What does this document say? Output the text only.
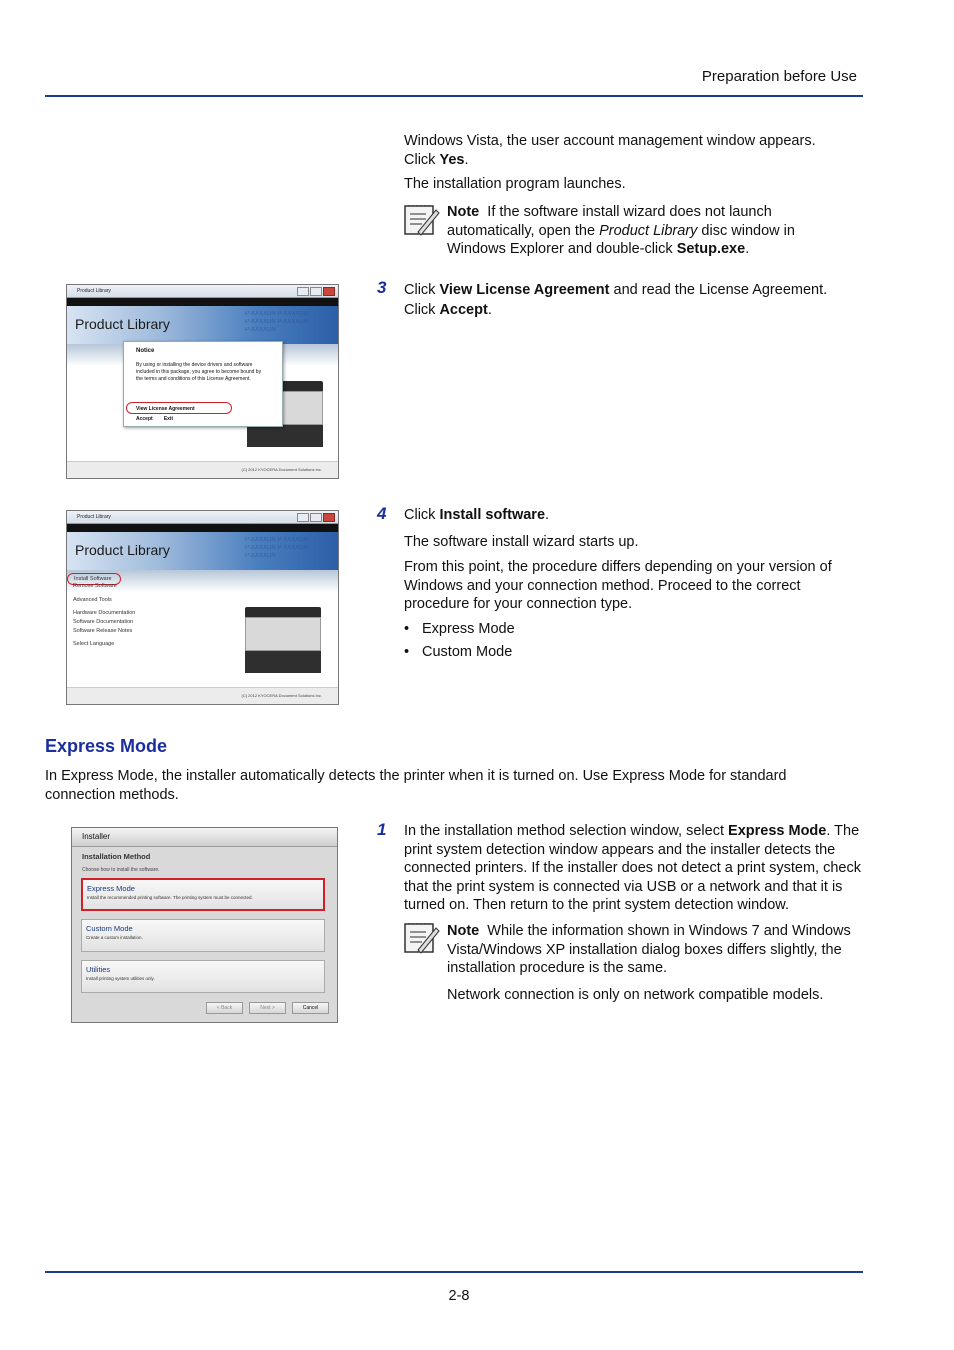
Preparation before Use
Windows Vista, the user account management window appears.
Click Yes.
The installation program launches.
Note If the software install wizard does not launch automatically, open the Product Library disc window in Windows Explorer and double-click Setup.exe.
Product Library
Product Library
P-XXXXDN P-XXXXDN
P-XXXXDN P-XXXXDN
P-XXXXDN
Notice
By using or installing the device drivers and software included in this package, you agree to become bound by the terms and conditions of this License Agreement.
View License Agreement
Accept Exit
(C) 2012 KYOCERA Document Solutions Inc.
3 Click View License Agreement and read the License Agreement.
Click Accept.
Product Library
Product Library
P-XXXXDN P-XXXXDN
P-XXXXDN P-XXXXDN
P-XXXXDN
Install Software
Remove Software
Advanced Tools
Hardware Documentation
Software Documentation
Software Release Notes
Select Language
(C) 2012 KYOCERA Document Solutions Inc.
4 Click Install software.
The software install wizard starts up.
From this point, the procedure differs depending on your version of Windows and your connection method. Proceed to the correct procedure for your connection type.
• Express Mode
• Custom Mode
Express Mode
In Express Mode, the installer automatically detects the printer when it is turned on. Use Express Mode for standard connection methods.
Installer
Installation Method
Choose how to install the software.
Express Mode
Install the recommended printing software. The printing system must be connected.
Custom Mode
Create a custom installation.
Utilities
Install printing system utilities only.
< Back	Next >	Cancel
1 In the installation method selection window, select Express Mode. The print system detection window appears and the installer detects the connected printers. If the installer does not detect a print system, check that the print system is connected via USB or a network and that it is turned on. Then return to the print system detection window.
Note While the information shown in Windows 7 and Windows Vista/Windows XP installation dialog boxes differs slightly, the installation procedure is the same.
Network connection is only on network compatible models.
2-8
